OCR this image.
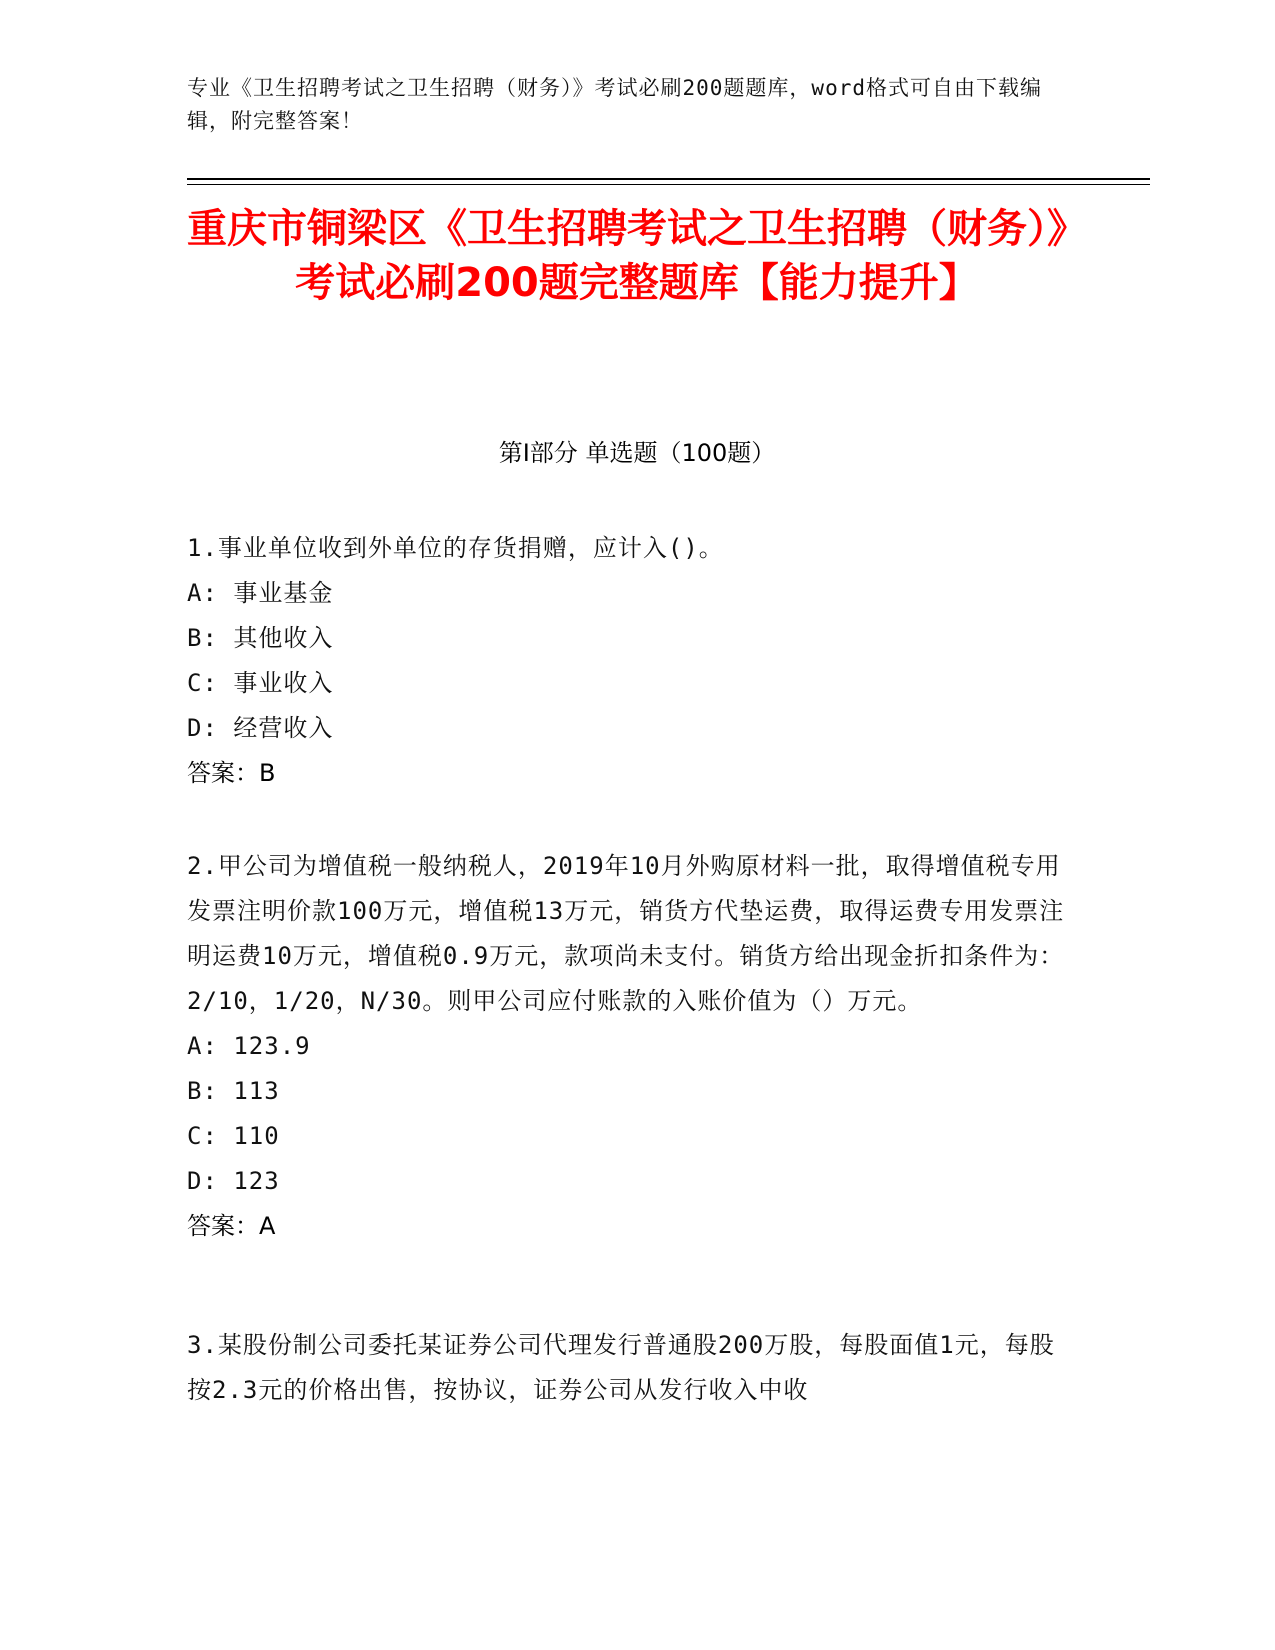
专业《卫生招聘考试之卫生招聘（财务）》考试必刷200题题库，word格式可自由下载编辑，附完整答案！
重庆市铜梁区《卫生招聘考试之卫生招聘（财务）》考试必刷200题完整题库【能力提升】
第I部分 单选题（100题）
1.事业单位收到外单位的存货捐赠，应计入()。
A: 事业基金
B: 其他收入
C: 事业收入
D: 经营收入
答案：B
2.甲公司为增值税一般纳税人，2019年10月外购原材料一批，取得增值税专用发票注明价款100万元，增值税13万元，销货方代垫运费，取得运费专用发票注明运费10万元，增值税0.9万元，款项尚未支付。销货方给出现金折扣条件为：2/10，1/20，N/30。则甲公司应付账款的入账价值为（）万元。
A: 123.9
B: 113
C: 110
D: 123
答案：A
3.某股份制公司委托某证券公司代理发行普通股200万股，每股面值1元，每股按2.3元的价格出售，按协议，证券公司从发行收入中收
